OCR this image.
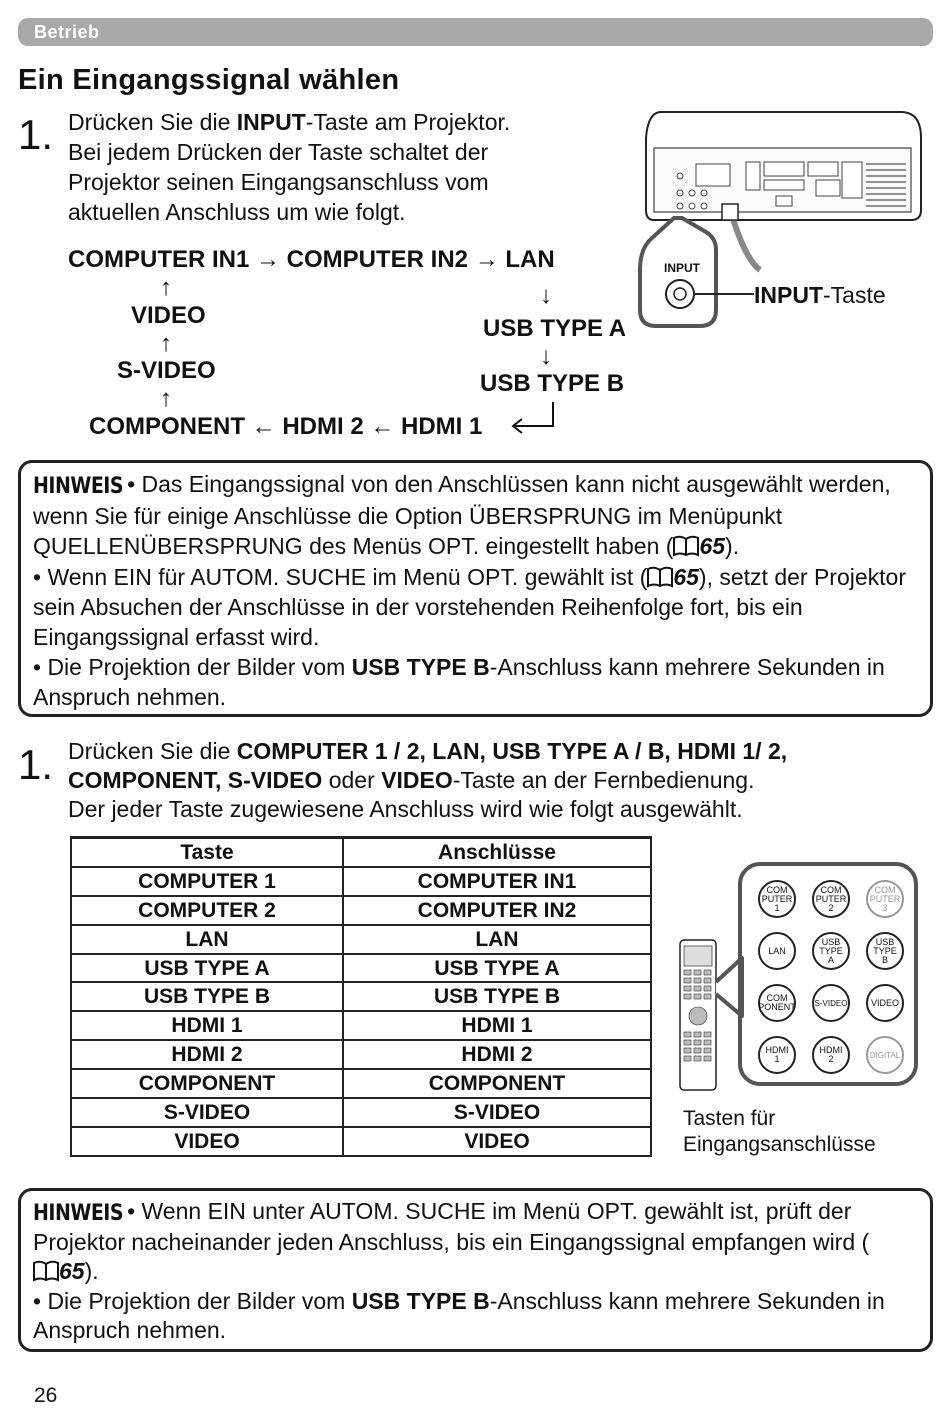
Betrieb
Ein Eingangssignal wählen
1. Drücken Sie die INPUT-Taste am Projektor.
Bei jedem Drücken der Taste schaltet der
Projektor seinen Eingangsanschluss vom
aktuellen Anschluss um wie folgt.
COMPUTER IN1 → COMPUTER IN2 → LAN
↑
VIDEO
↑
S-VIDEO
↑
COMPONENT ← HDMI 2 ← HDMI 1
↓
USB TYPE A
↓
USB TYPE B
INPUT
INPUT-Taste
HINWEIS • Das Eingangssignal von den Anschlüssen kann nicht ausgewählt werden, wenn Sie für einige Anschlüsse die Option ÜBERSPRUNG im Menüpunkt QUELLENÜBERSPRUNG des Menüs OPT. eingestellt haben ( 65).
• Wenn EIN für AUTOM. SUCHE im Menü OPT. gewählt ist ( 65), setzt der Projektor sein Absuchen der Anschlüsse in der vorstehenden Reihenfolge fort, bis ein Eingangssignal erfasst wird.
• Die Projektion der Bilder vom USB TYPE B-Anschluss kann mehrere Sekunden in Anspruch nehmen.
1. Drücken Sie die COMPUTER 1 / 2, LAN, USB TYPE A / B, HDMI 1/ 2,
COMPONENT, S-VIDEO oder VIDEO-Taste an der Fernbedienung.
Der jeder Taste zugewiesene Anschluss wird wie folgt ausgewählt.
Taste	Anschlüsse
COMPUTER 1	COMPUTER IN1
COMPUTER 2	COMPUTER IN2
LAN	LAN
USB TYPE A	USB TYPE A
USB TYPE B	USB TYPE B
HDMI 1	HDMI 1
HDMI 2	HDMI 2
COMPONENT	COMPONENT
S-VIDEO	S-VIDEO
VIDEO	VIDEO
COM
PUTER
1
COM
PUTER
2
COM
PUTER
3
LAN
USB
TYPE
A
USB
TYPE
B
COM
PONENT S-VIDEO	VIDEO
HDMI
1
HDMI
2	DIGITAL
Tasten für
Eingangsanschlüsse
HINWEIS • Wenn EIN unter AUTOM. SUCHE im Menü OPT. gewählt ist, prüft der Projektor nacheinander jeden Anschluss, bis ein Eingangssignal empfangen wird (65).
• Die Projektion der Bilder vom USB TYPE B-Anschluss kann mehrere Sekunden in Anspruch nehmen.
26
